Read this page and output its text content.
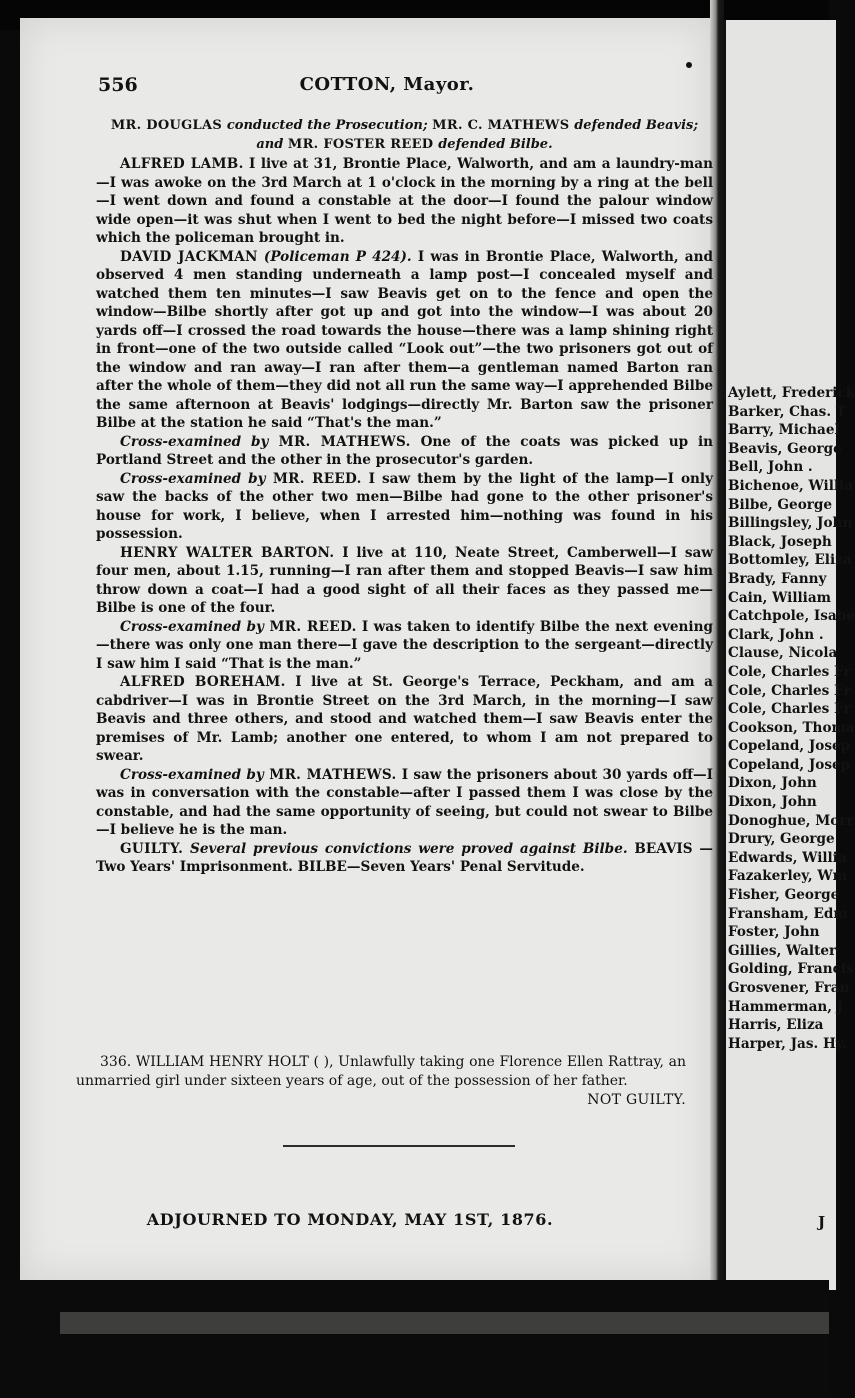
556	COTTON, Mayor.

MR. DOUGLAS conducted the Prosecution; MR. C. MATHEWS defended Beavis;
and MR. FOSTER REED defended Bilbe.

ALFRED LAMB. I live at 31, Brontie Place, Walworth, and am a laundry-man—I was awoke on the 3rd March at 1 o'clock in the morning by a ring at the bell—I went down and found a constable at the door—I found the palour window wide open—it was shut when I went to bed the night before—I missed two coats which the policeman brought in.

DAVID JACKMAN (Policeman P 424). I was in Brontie Place, Walworth, and observed 4 men standing underneath a lamp post—I concealed myself and watched them ten minutes—I saw Beavis get on to the fence and open the window—Bilbe shortly after got up and got into the window—I was about 20 yards off—I crossed the road towards the house—there was a lamp shining right in front—one of the two outside called “Look out”—the two prisoners got out of the window and ran away—I ran after them—a gentleman named Barton ran after the whole of them—they did not all run the same way—I apprehended Bilbe the same afternoon at Beavis' lodgings—directly Mr. Barton saw the prisoner Bilbe at the station he said “That's the man.”

Cross-examined by MR. MATHEWS. One of the coats was picked up in Portland Street and the other in the prosecutor's garden.

Cross-examined by MR. REED. I saw them by the light of the lamp—I only saw the backs of the other two men—Bilbe had gone to the other prisoner's house for work, I believe, when I arrested him—nothing was found in his possession.

HENRY WALTER BARTON. I live at 110, Neate Street, Camberwell—I saw four men, about 1.15, running—I ran after them and stopped Beavis—I saw him throw down a coat—I had a good sight of all their faces as they passed me—Bilbe is one of the four.

Cross-examined by MR. REED. I was taken to identify Bilbe the next evening—there was only one man there—I gave the description to the sergeant—directly I saw him I said “That is the man.”

ALFRED BOREHAM. I live at St. George's Terrace, Peckham, and am a cabdriver—I was in Brontie Street on the 3rd March, in the morning—I saw Beavis and three others, and stood and watched them—I saw Beavis enter the premises of Mr. Lamb; another one entered, to whom I am not prepared to swear.

Cross-examined by MR. MATHEWS. I saw the prisoners about 30 yards off—I was in conversation with the constable—after I passed them I was close by the constable, and had the same opportunity of seeing, but could not swear to Bilbe—I believe he is the man.

GUILTY. Several previous convictions were proved against Bilbe. BEAVIS —Two Years' Imprisonment. BILBE—Seven Years' Penal Servitude.

336. WILLIAM HENRY HOLT ( ), Unlawfully taking one Florence Ellen Rattray, an unmarried girl under sixteen years of age, out of the possession of her father.

NOT GUILTY.

ADJOURNED TO MONDAY, MAY 1ST, 1876.
Aylett, Frederick
Barker, Chas. T
Barry, Michael
Beavis, George
Bell, John .
Bichenoe, Willia
Bilbe, George
Billingsley, John
Black, Joseph
Bottomley, Eliza
Brady, Fanny
Cain, William
Catchpole, Isabe
Clark, John .
Clause, Nicola
Cole, Charles Fr
Cole, Charles Fr
Cole, Charles Fr
Cookson, Thoma
Copeland, Josep
Copeland, Josep
Dixon, John
Dixon, John
Donoghue, Morr
Drury, George
Edwards, Willia
Fazakerley, Wm
Fisher, George
Fransham, Edm
Foster, John
Gillies, Walter
Golding, Francis
Grosvener, Fran
Hammerman, J
Harris, Eliza
Harper, Jas. Hy.
J
